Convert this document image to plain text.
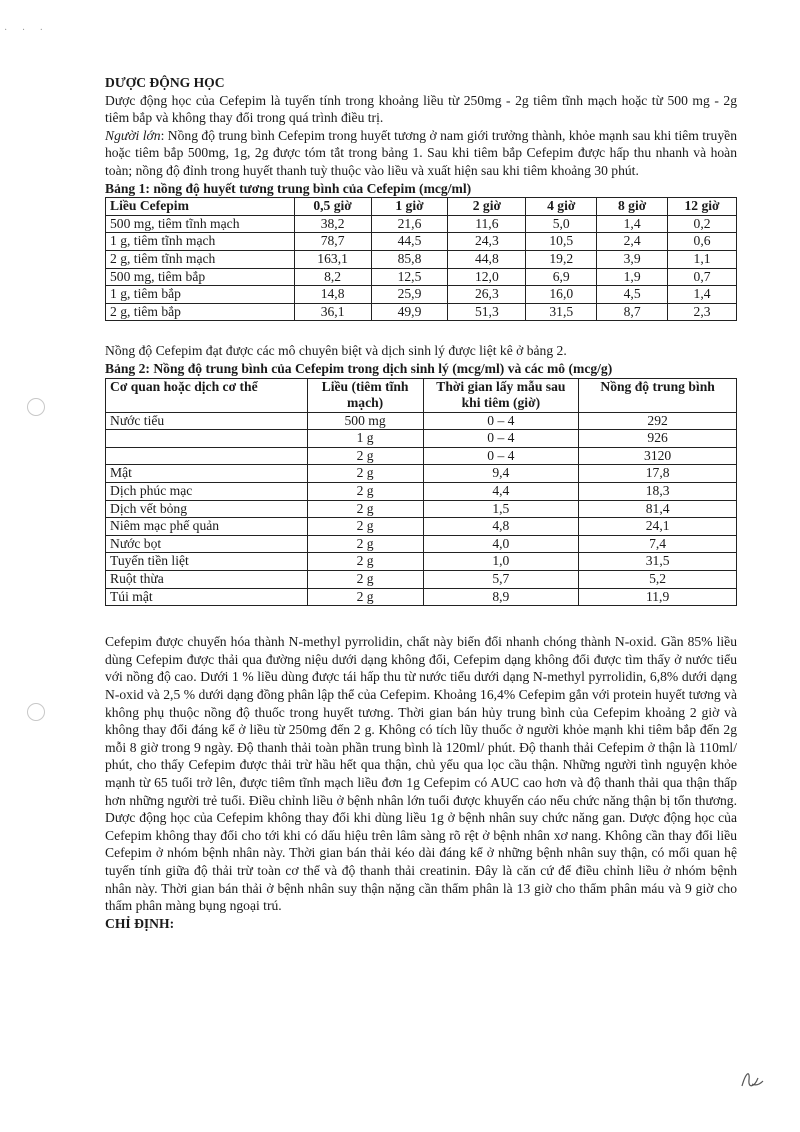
· · ·

DƯỢC ĐỘNG HỌC

Dược động học của Cefepim là tuyến tính trong khoảng liều từ 250mg - 2g tiêm tĩnh mạch hoặc từ 500 mg - 2g tiêm bắp và không thay đổi trong quá trình điều trị.

Người lớn: Nồng độ trung bình Cefepim trong huyết tương ở nam giới trưởng thành, khỏe mạnh sau khi tiêm truyền hoặc tiêm bắp 500mg, 1g, 2g được tóm tắt trong bảng 1. Sau khi tiêm bắp Cefepim được hấp thu nhanh và hoàn toàn; nồng độ đỉnh trong huyết thanh tuỳ thuộc vào liều và xuất hiện sau khi tiêm khoảng 30 phút.

Bảng 1: nồng độ huyết tương trung bình của Cefepim (mcg/ml)

Liều Cefepim	0,5 giờ	1 giờ	2 giờ	4 giờ	8 giờ	12 giờ
500 mg, tiêm tĩnh mạch	38,2	21,6	11,6	5,0	1,4	0,2
1 g, tiêm tĩnh mạch	78,7	44,5	24,3	10,5	2,4	0,6
2 g, tiêm tĩnh mạch	163,1	85,8	44,8	19,2	3,9	1,1
500 mg, tiêm bắp	8,2	12,5	12,0	6,9	1,9	0,7
1 g, tiêm bắp	14,8	25,9	26,3	16,0	4,5	1,4
2 g, tiêm bắp	36,1	49,9	51,3	31,5	8,7	2,3

Nồng độ Cefepim đạt được các mô chuyên biệt và dịch sinh lý được liệt kê ở bảng 2.

Bảng 2: Nồng độ trung bình của Cefepim trong dịch sinh lý (mcg/ml) và các mô (mcg/g)

Cơ quan hoặc dịch cơ thể	Liều (tiêm tĩnh mạch)	Thời gian lấy mẫu sau khi tiêm (giờ)	Nồng độ trung bình
Nước tiểu	500 mg	0 – 4	292
	1 g	0 – 4	926
	2 g	0 – 4	3120
Mật	2 g	9,4	17,8
Dịch phúc mạc	2 g	4,4	18,3
Dịch vết bỏng	2 g	1,5	81,4
Niêm mạc phế quản	2 g	4,8	24,1
Nước bọt	2 g	4,0	7,4
Tuyến tiền liệt	2 g	1,0	31,5
Ruột thừa	2 g	5,7	5,2
Túi mật	2 g	8,9	11,9

Cefepim được chuyển hóa thành N-methyl pyrrolidin, chất này biến đổi nhanh chóng thành N-oxid. Gần 85% liều dùng Cefepim được thải qua đường niệu dưới dạng không đổi, Cefepim dạng không đổi được tìm thấy ở nước tiểu với nồng độ cao. Dưới 1 % liều dùng được tái hấp thu từ nước tiểu dưới dạng N-methyl pyrrolidin, 6,8% dưới dạng N-oxid và 2,5 % dưới dạng đồng phân lập thể của Cefepim. Khoảng 16,4% Cefepim gắn với protein huyết tương và không phụ thuộc nồng độ thuốc trong huyết tương. Thời gian bán hủy trung bình của Cefepim khoảng 2 giờ và không thay đổi đáng kể ở liều từ 250mg đến 2 g. Không có tích lũy thuốc ở người khỏe mạnh khi tiêm bắp đến 2g mỗi 8 giờ trong 9 ngày. Độ thanh thải toàn phần trung bình là 120ml/ phút. Độ thanh thải Cefepim ở thận là 110ml/ phút, cho thấy Cefepim được thải trừ hầu hết qua thận, chủ yếu qua lọc cầu thận. Những người tình nguyện khỏe mạnh từ 65 tuổi trở lên, được tiêm tĩnh mạch liều đơn 1g Cefepim có AUC cao hơn và độ thanh thải qua thận thấp hơn những người trẻ tuổi. Điều chỉnh liều ở bệnh nhân lớn tuổi được khuyến cáo nếu chức năng thận bị tổn thương. Dược động học của Cefepim không thay đổi khi dùng liều 1g ở bệnh nhân suy chức năng gan. Dược động học của Cefepim không thay đổi cho tới khi có dấu hiệu trên lâm sàng rõ rệt ở bệnh nhân xơ nang. Không cần thay đổi liều Cefepim ở nhóm bệnh nhân này. Thời gian bán thải kéo dài đáng kể ở những bệnh nhân suy thận, có mối quan hệ tuyến tính giữa độ thải trừ toàn cơ thể và độ thanh thải creatinin. Đây là căn cứ để điều chỉnh liều ở nhóm bệnh nhân này. Thời gian bán thải ở bệnh nhân suy thận nặng cần thẩm phân là 13 giờ cho thẩm phân máu và 9 giờ cho thẩm phân màng bụng ngoại trú.

CHỈ ĐỊNH:
